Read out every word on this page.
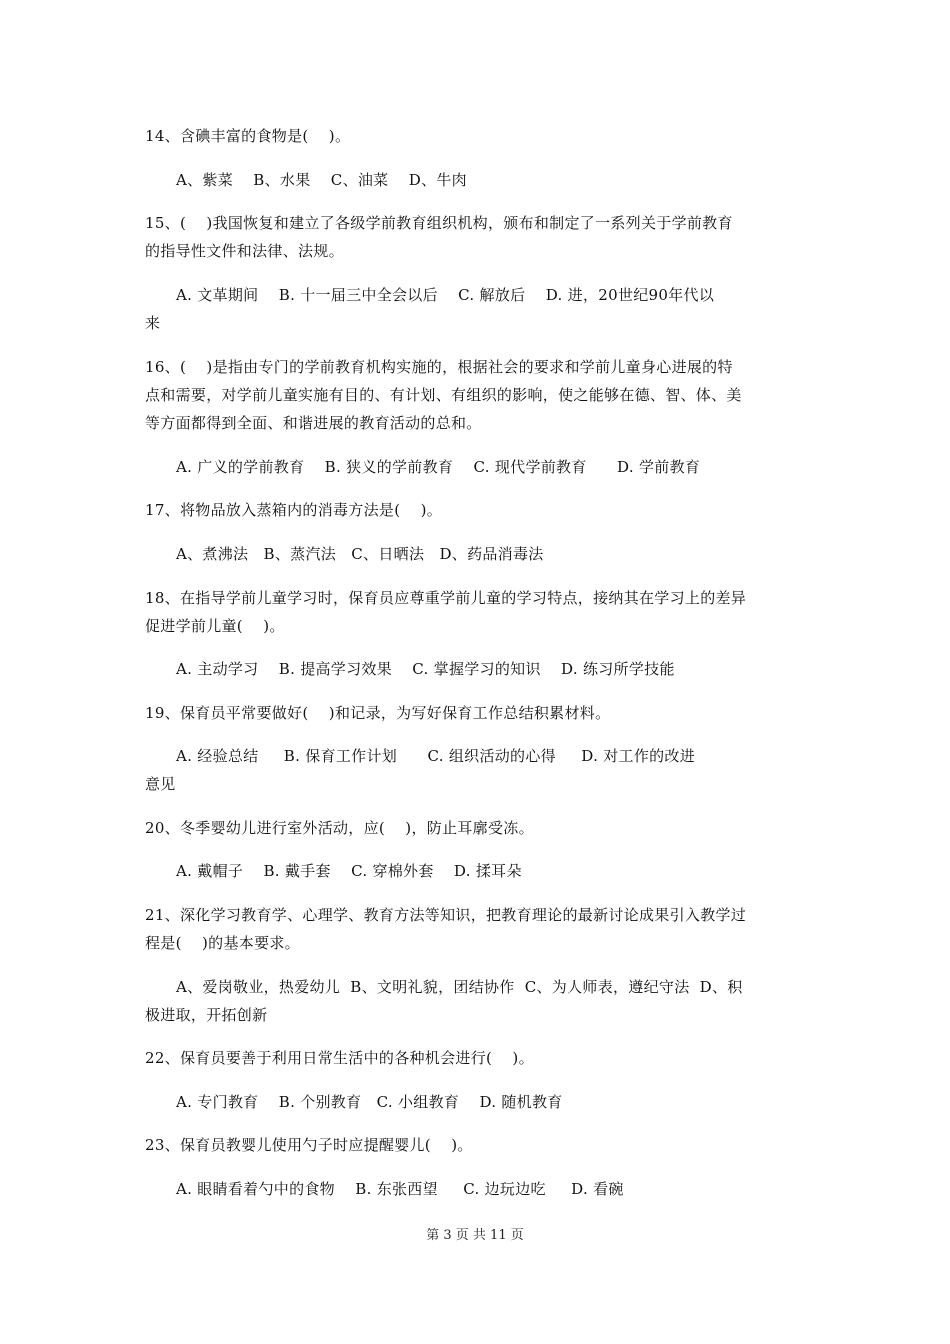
14、含碘丰富的食物是(    )。
A、紫菜    B、水果    C、油菜    D、牛肉
15、(    )我国恢复和建立了各级学前教育组织机构，颁布和制定了一系列关于学前教育
的指导性文件和法律、法规。
A. 文革期间    B. 十一届三中全会以后    C. 解放后    D. 进，20世纪90年代以
来
16、(    )是指由专门的学前教育机构实施的，根据社会的要求和学前儿童身心进展的特
点和需要，对学前儿童实施有目的、有计划、有组织的影响，使之能够在德、智、体、美
等方面都得到全面、和谐进展的教育活动的总和。
A. 广义的学前教育    B. 狭义的学前教育    C. 现代学前教育      D. 学前教育
17、将物品放入蒸箱内的消毒方法是(    )。
A、煮沸法   B、蒸汽法   C、日晒法   D、药品消毒法
18、在指导学前儿童学习时，保育员应尊重学前儿童的学习特点，接纳其在学习上的差异
促进学前儿童(    )。
A. 主动学习    B. 提高学习效果    C. 掌握学习的知识    D. 练习所学技能
19、保育员平常要做好(    )和记录，为写好保育工作总结积累材料。
A. 经验总结     B. 保育工作计划      C. 组织活动的心得     D. 对工作的改进
意见
20、冬季婴幼儿进行室外活动，应(    )，防止耳廓受冻。
A. 戴帽子    B. 戴手套    C. 穿棉外套    D. 揉耳朵
21、深化学习教育学、心理学、教育方法等知识，把教育理论的最新讨论成果引入教学过
程是(    )的基本要求。
A、爱岗敬业，热爱幼儿  B、文明礼貌，团结协作  C、为人师表，遵纪守法  D、积
极进取，开拓创新
22、保育员要善于利用日常生活中的各种机会进行(    )。
A. 专门教育    B. 个别教育   C. 小组教育    D. 随机教育
23、保育员教婴儿使用勺子时应提醒婴儿(    )。
A. 眼睛看着勺中的食物    B. 东张西望     C. 边玩边吃     D. 看碗
第 3 页 共 11 页
